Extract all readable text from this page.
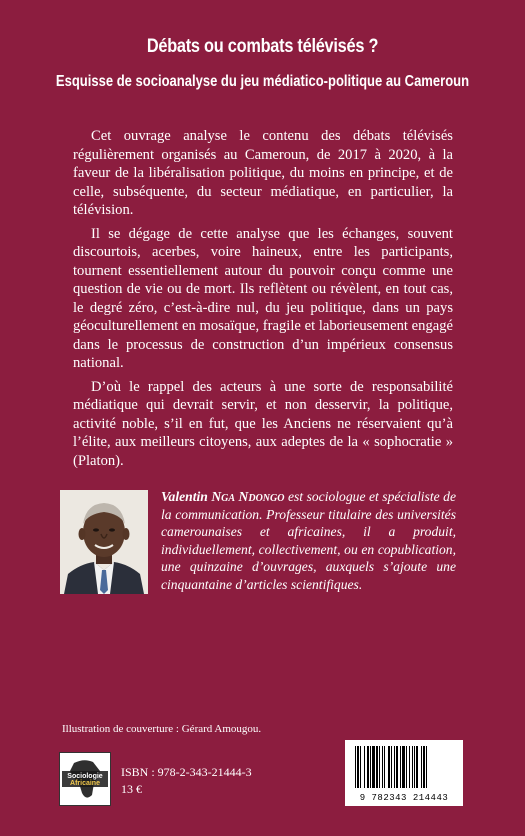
Débats ou combats télévisés ?
Esquisse de socioanalyse du jeu médiatico-politique au Cameroun

Cet ouvrage analyse le contenu des débats télévisés régulièrement organisés au Cameroun, de 2017 à 2020, à la faveur de la libéralisation politique, du moins en principe, et de celle, subséquente, du secteur médiatique, en particulier, la télévision.

Il se dégage de cette analyse que les échanges, souvent discourtois, acerbes, voire haineux, entre les participants, tournent essentiellement autour du pouvoir conçu comme une question de vie ou de mort. Ils reflètent ou révèlent, en tout cas, le degré zéro, c’est-à-dire nul, du jeu politique, dans un pays géoculturellement en mosaïque, fragile et laborieusement engagé dans le processus de construction d’un impérieux consensus national.

D’où le rappel des acteurs à une sorte de responsabilité médiatique qui devrait servir, et non desservir, la politique, activité noble, s’il en fut, que les Anciens ne réservaient qu’à l’élite, aux meilleurs citoyens, aux adeptes de la « sophocratie » (Platon).

Valentin Nga Ndongo est sociologue et spécialiste de la communication. Professeur titulaire des universités camerounaises et africaines, il a produit, individuellement, collectivement, ou en copublication, une quinzaine d’ouvrages, auxquels s’ajoute une cinquantaine d’articles scientifiques.
Illustration de couverture : Gérard Amougou.
Sociologie
Africaine
ISBN : 978-2-343-21444-3
13 €
9 782343 214443
